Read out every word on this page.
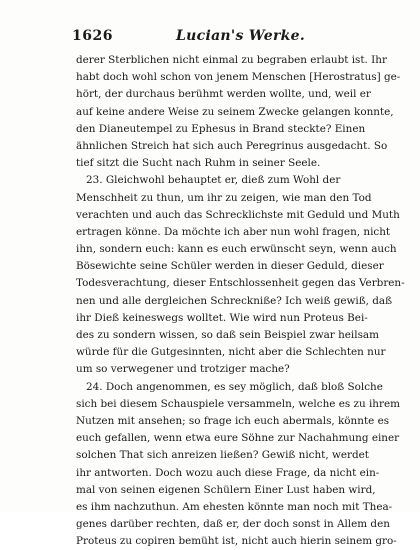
1626	Lucian's Werke.
derer Sterblichen nicht einmal zu begraben erlaubt ist. Ihr
habt doch wohl schon von jenem Menschen [Herostratus] ge-
hört, der durchaus berühmt werden wollte, und, weil er
auf keine andere Weise zu seinem Zwecke gelangen konnte,
den Dianeutempel zu Ephesus in Brand steckte? Einen
ähnlichen Streich hat sich auch Peregrinus ausgedacht. So
tief sitzt die Sucht nach Ruhm in seiner Seele.
23. Gleichwohl behauptet er, dieß zum Wohl der
Menschheit zu thun, um ihr zu zeigen, wie man den Tod
verachten und auch das Schrecklichste mit Geduld und Muth
ertragen könne. Da möchte ich aber nun wohl fragen, nicht
ihn, sondern euch: kann es euch erwünscht seyn, wenn auch
Bösewichte seine Schüler werden in dieser Geduld, dieser
Todesverachtung, dieser Entschlossenheit gegen das Verbren-
nen und alle dergleichen Schreckniße? Ich weiß gewiß, daß
ihr Dieß keineswegs wolltet. Wie wird nun Proteus Bei-
des zu sondern wissen, so daß sein Beispiel zwar heilsam
würde für die Gutgesinnten, nicht aber die Schlechten nur
um so verwegener und trotziger mache?
24. Doch angenommen, es sey möglich, daß bloß Solche
sich bei diesem Schauspiele versammeln, welche es zu ihrem
Nutzen mit ansehen; so frage ich euch abermals, könnte es
euch gefallen, wenn etwa eure Söhne zur Nachahmung einer
solchen That sich anreizen ließen? Gewiß nicht, werdet
ihr antworten. Doch wozu auch diese Frage, da nicht ein-
mal von seinen eigenen Schülern Einer Lust haben wird,
es ihm nachzuthun. Am ehesten könnte man noch mit Thea-
genes darüber rechten, daß er, der doch sonst in Allem den
Proteus zu copiren bemüht ist, nicht auch hierin seinem gro-
